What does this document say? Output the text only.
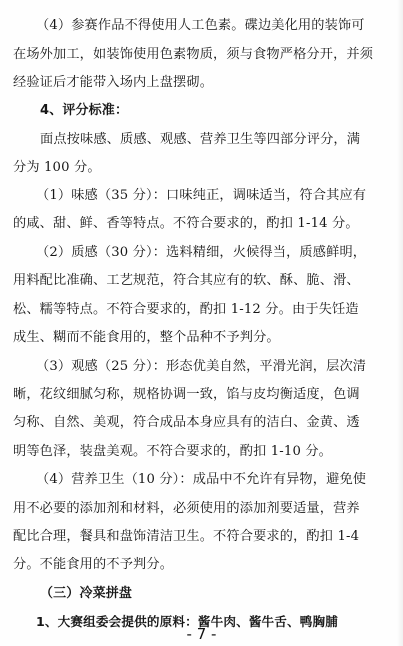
（4）参赛作品不得使用人工色素。碟边美化用的装饰可
在场外加工，如装饰使用色素物质，须与食物严格分开，并须
经验证后才能带入场内上盘摆砌。
4、评分标准：
面点按味感、质感、观感、营养卫生等四部分评分，满
分为 100 分。
（1）味感（35 分）：口味纯正，调味适当，符合其应有
的咸、甜、鲜、香等特点。不符合要求的，酌扣 1-14 分。
（2）质感（30 分）：选料精细，火候得当，质感鲜明，
用料配比准确、工艺规范，符合其应有的软、酥、脆、滑、
松、糯等特点。不符合要求的，酌扣 1-12 分。由于失饪造
成生、糊而不能食用的，整个品种不予判分。
（3）观感（25 分）：形态优美自然，平滑光润，层次清
晰，花纹细腻匀称，规格协调一致，馅与皮均衡适度，色调
匀称、自然、美观，符合成品本身应具有的洁白、金黄、透
明等色泽，装盘美观。不符合要求的，酌扣 1-10 分。
（4）营养卫生（10 分）：成品中不允许有异物，避免使
用不必要的添加剂和材料，必须使用的添加剂要适量，营养
配比合理，餐具和盘饰清洁卫生。不符合要求的，酌扣 1-4
分。不能食用的不予判分。
（三）冷菜拼盘
1、大赛组委会提供的原料：酱牛肉、酱牛舌、鸭胸脯
- 7 -
